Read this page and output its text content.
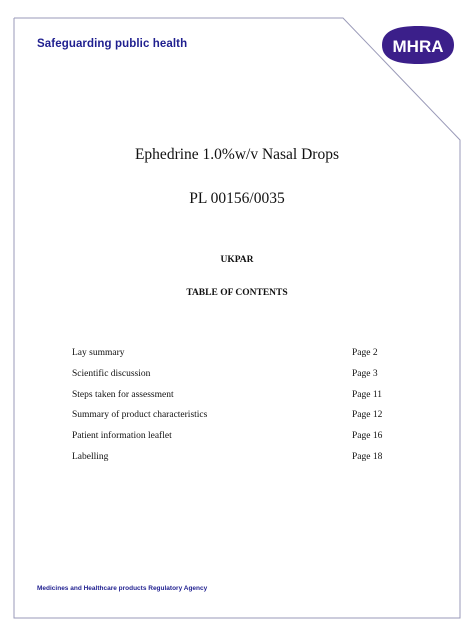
Safeguarding public health	MHRA
Ephedrine 1.0%w/v Nasal Drops
PL 00156/0035
UKPAR
TABLE OF CONTENTS
Lay summary	Page 2
Scientific discussion	Page 3
Steps taken for assessment	Page 11
Summary of product characteristics	Page 12
Patient information leaflet	Page 16
Labelling	Page 18
Medicines and Healthcare products Regulatory Agency
